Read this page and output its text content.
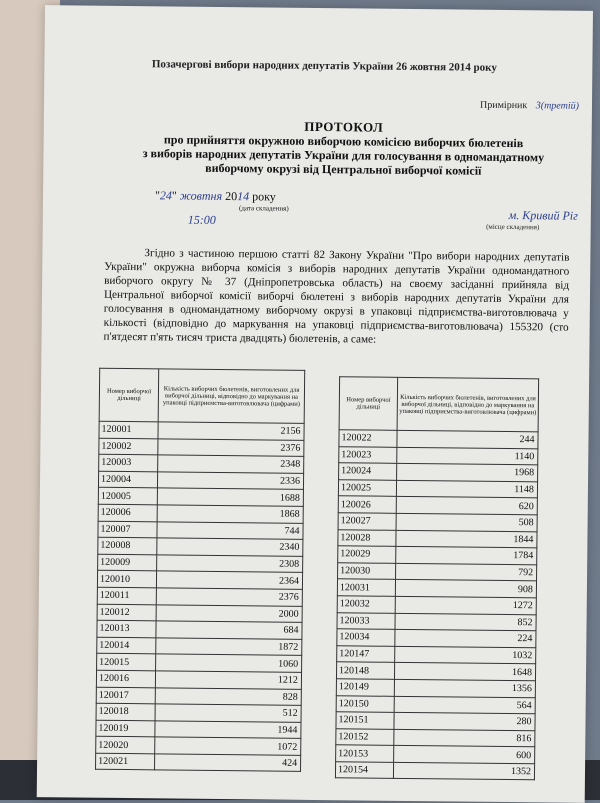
Позачергові вибори народних депутатів України 26 жовтня 2014 року
Примірник 3(третій)
ПРОТОКОЛ
про прийняття окружною виборчою комісією виборчих бюлетенів
з виборів народних депутатів України для голосування в одномандатному
виборчому окрузі від Центральної виборчої комісії
"24" жовтня 2014 року
(дата складення)
15:00	м. Кривий Ріг
(місце складення)
Згідно з частиною першою статті 82 Закону України "Про вибори народних депутатів України" окружна виборча комісія з виборів народних депутатів України одномандатного виборчого округу № 37 (Дніпропетровська область) на своєму засіданні прийняла від Центральної виборчої комісії виборчі бюлетені з виборів народних депутатів України для голосування в одномандатному виборчому окрузі в упаковці підприємства-виготовлювача у кількості (відповідно до маркування на упаковці підприємства-виготовлювача) 155320 (сто п'ятдесят п'ять тисяч триста двадцять) бюлетенів, а саме:
Номер виборчої дільниці	Кількість виборчих бюлетенів, виготовлених для виборчої дільниці, відповідно до маркування на упаковці підприємства-виготовлювача (цифрами)
120001	2156
120002	2376
120003	2348
120004	2336
120005	1688
120006	1868
120007	744
120008	2340
120009	2308
120010	2364
120011	2376
120012	2000
120013	684
120014	1872
120015	1060
120016	1212
120017	828
120018	512
120019	1944
120020	1072
120021	424
Номер виборчої дільниці	Кількість виборчих бюлетенів, виготовлених для виборчої дільниці, відповідно до маркування на упаковці підприємства-виготовлювача (цифрами)
120022	244
120023	1140
120024	1968
120025	1148
120026	620
120027	508
120028	1844
120029	1784
120030	792
120031	908
120032	1272
120033	852
120034	224
120147	1032
120148	1648
120149	1356
120150	564
120151	280
120152	816
120153	600
120154	1352
